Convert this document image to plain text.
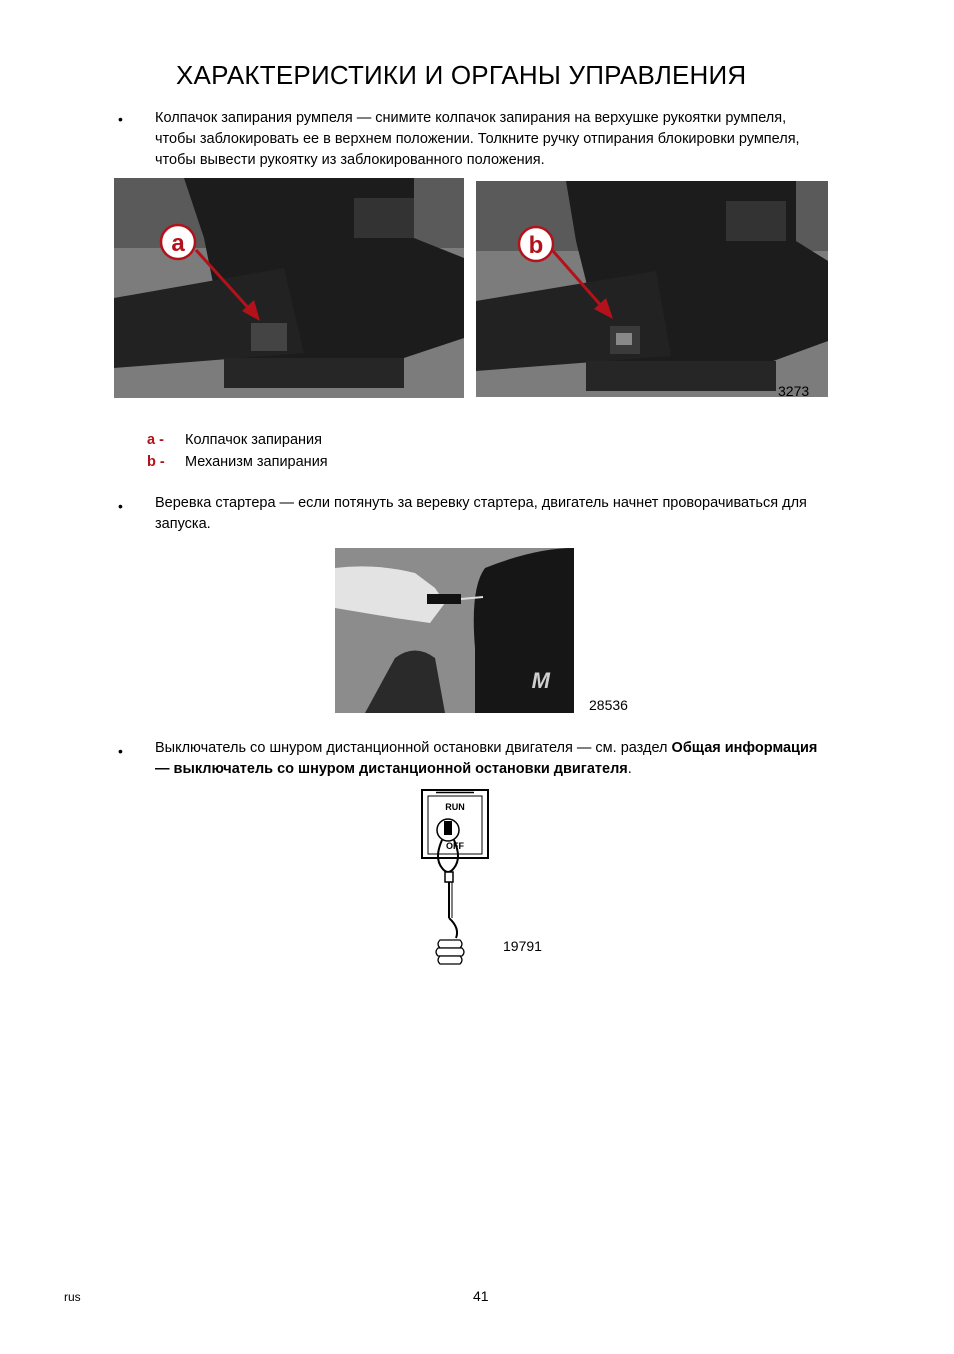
ХАРАКТЕРИСТИКИ И ОРГАНЫ УПРАВЛЕНИЯ
• Колпачок запирания румпеля — снимите колпачок запирания на верхушке рукоятки румпеля,
чтобы заблокировать ее в верхнем положении. Толкните ручку отпирания блокировки румпеля,
чтобы вывести рукоятку из заблокированного положения.
a	b
3273
a - Колпачок запирания
b - Механизм запирания
• Веревка стартера — если потянуть за веревку стартера, двигатель начнет проворачиваться для
запуска.
M
28536
• Выключатель со шнуром дистанционной остановки двигателя — см. раздел Общая информация
— выключатель со шнуром дистанционной остановки двигателя.
RUN
OFF
19791
rus	41
